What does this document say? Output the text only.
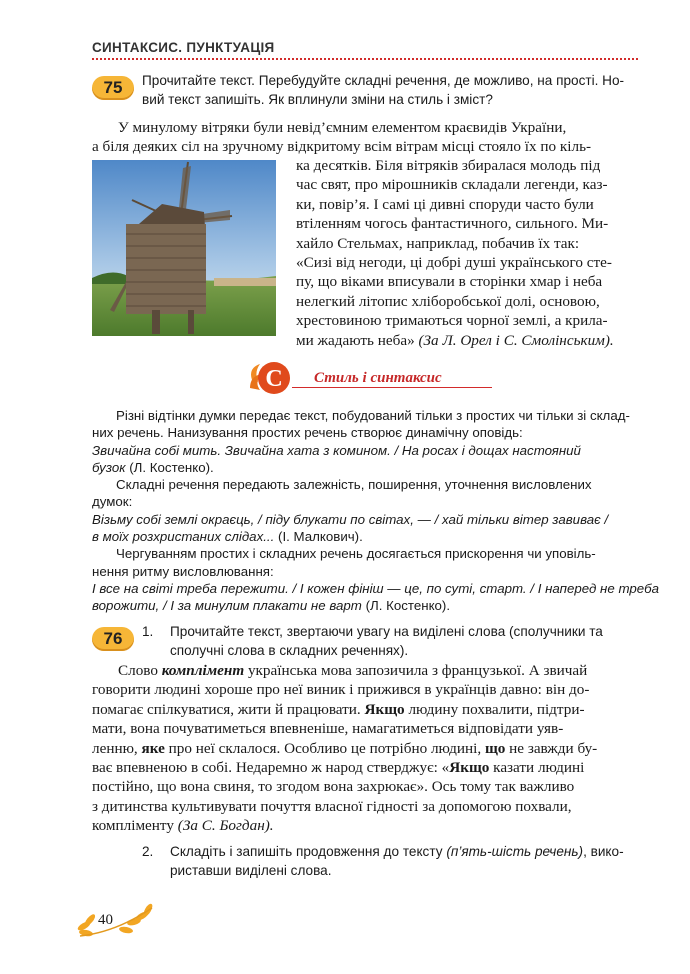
СИНТАКСИС. ПУНКТУАЦІЯ
75	Прочитайте текст. Перебудуйте складні речення, де можливо, на прості. Но-
вий текст запишіть. Як вплинули зміни на стиль і зміст?
У минулому вітряки були невід’ємним елементом краєвидів України,
а біля деяких сіл на зручному відкритому всім вітрам місці стояло їх по кіль-
ка десятків. Біля вітряків збиралася молодь під
час свят, про мірошників складали легенди, каз-
ки, повір’я. І самі ці дивні споруди часто були
втіленням чогось фантастичного, сильного. Ми-
хайло Стельмах, наприклад, побачив їх так:
«Сизі від негоди, ці добрі душі українського сте-
пу, що віками вписували в сторінки хмар і неба
нелегкий літопис хліборобської долі, основою,
хрестовиною тримаються чорної землі, а крила-
ми жадають неба» (За Л. Орел і С. Смолінським).
С Стиль і синтаксис
Різні відтінки думки передає текст, побудований тільки з простих чи тільки зі склад-
них речень. Нанизування простих речень створює динамічну оповідь:
Звичайна собі мить. Звичайна хата з комином. / На росах і дощах настояний
бузок (Л. Костенко).
Складні речення передають залежність, поширення, уточнення висловлених
думок:
Візьму собі землі окраєць, / піду блукати по світах, — / хай тільки вітер завиває /
в моїх розхристаних слідах... (І. Малкович).
Чергуванням простих і складних речень досягається прискорення чи уповіль-
нення ритму висловлювання:
І все на світі треба пережити. / І кожен фініш — це, по суті, старт. / І наперед не треба
ворожити, / І за минулим плакати не варт (Л. Костенко).
76	1. Прочитайте текст, звертаючи увагу на виділені слова (сполучники та
сполучні слова в складних реченнях).
Слово комплімент українська мова запозичила з французької. А звичай
говорити людині хороше про неї виник і прижився в українців давно: він до-
помагає спілкуватися, жити й працювати. Якщо людину похвалити, підтри-
мати, вона почуватиметься впевненіше, намагатиметься відповідати уяв-
ленню, яке про неї склалося. Особливо це потрібно людині, що не завжди бу-
ває впевненою в собі. Недаремно ж народ стверджує: «Якщо казати людині
постійно, що вона свиня, то згодом вона захрюкає». Ось тому так важливо
з дитинства культивувати почуття власної гідності за допомогою похвали,
компліменту (За С. Богдан).
2. Складіть і запишіть продовження до тексту (п’ять-шість речень), вико-
риставши виділені слова.
40
